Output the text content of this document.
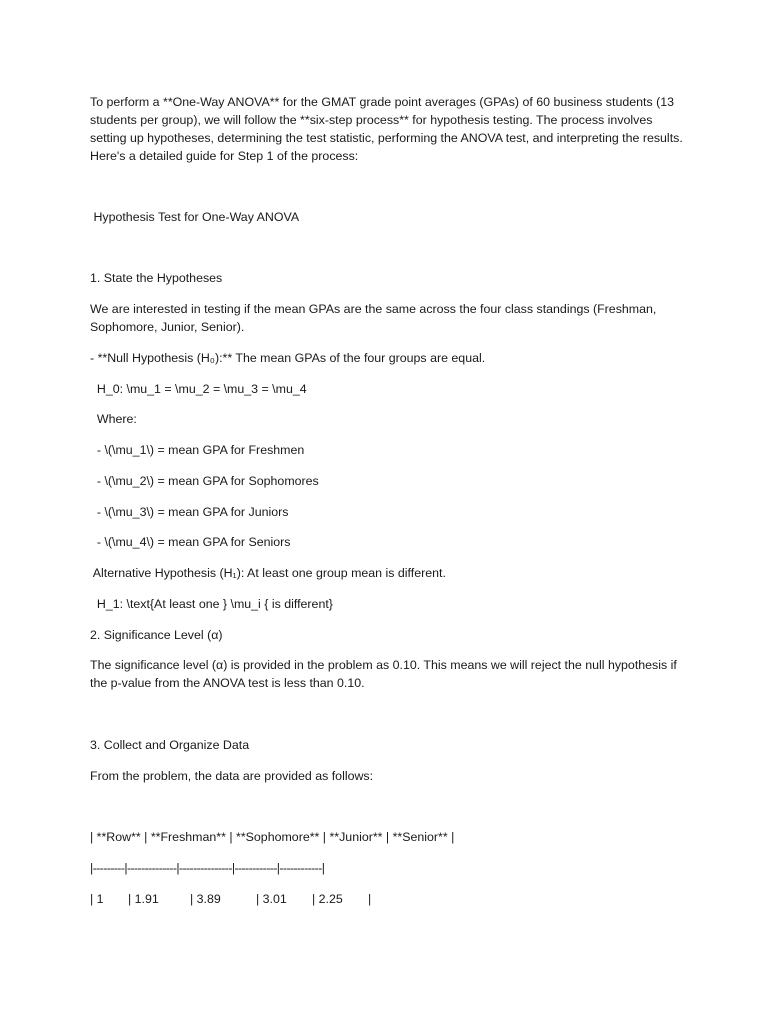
To perform a **One-Way ANOVA** for the GMAT grade point averages (GPAs) of 60 business students (13 students per group), we will follow the **six-step process** for hypothesis testing. The process involves setting up hypotheses, determining the test statistic, performing the ANOVA test, and interpreting the results. Here's a detailed guide for Step 1 of the process:

Hypothesis Test for One-Way ANOVA

1. State the Hypotheses

We are interested in testing if the mean GPAs are the same across the four class standings (Freshman, Sophomore, Junior, Senior).

- **Null Hypothesis (H₀):** The mean GPAs of the four groups are equal.

H_0: \mu_1 = \mu_2 = \mu_3 = \mu_4

Where:

- \(\mu_1\) = mean GPA for Freshmen

- \(\mu_2\) = mean GPA for Sophomores

- \(\mu_3\) = mean GPA for Juniors

- \(\mu_4\) = mean GPA for Seniors

Alternative Hypothesis (H₁): At least one group mean is different.

H_1: \text{At least one } \mu_i { is different}

2. Significance Level (α)

The significance level (α) is provided in the problem as 0.10. This means we will reject the null hypothesis if the p-value from the ANOVA test is less than 0.10.

3. Collect and Organize Data

From the problem, the data are provided as follows:

| **Row** | **Freshman** | **Sophomore** | **Junior** | **Senior** |

|---------|--------------|---------------|------------|------------|

| 1 | 1.91	| 3.89	| 3.01 | 2.25 |
